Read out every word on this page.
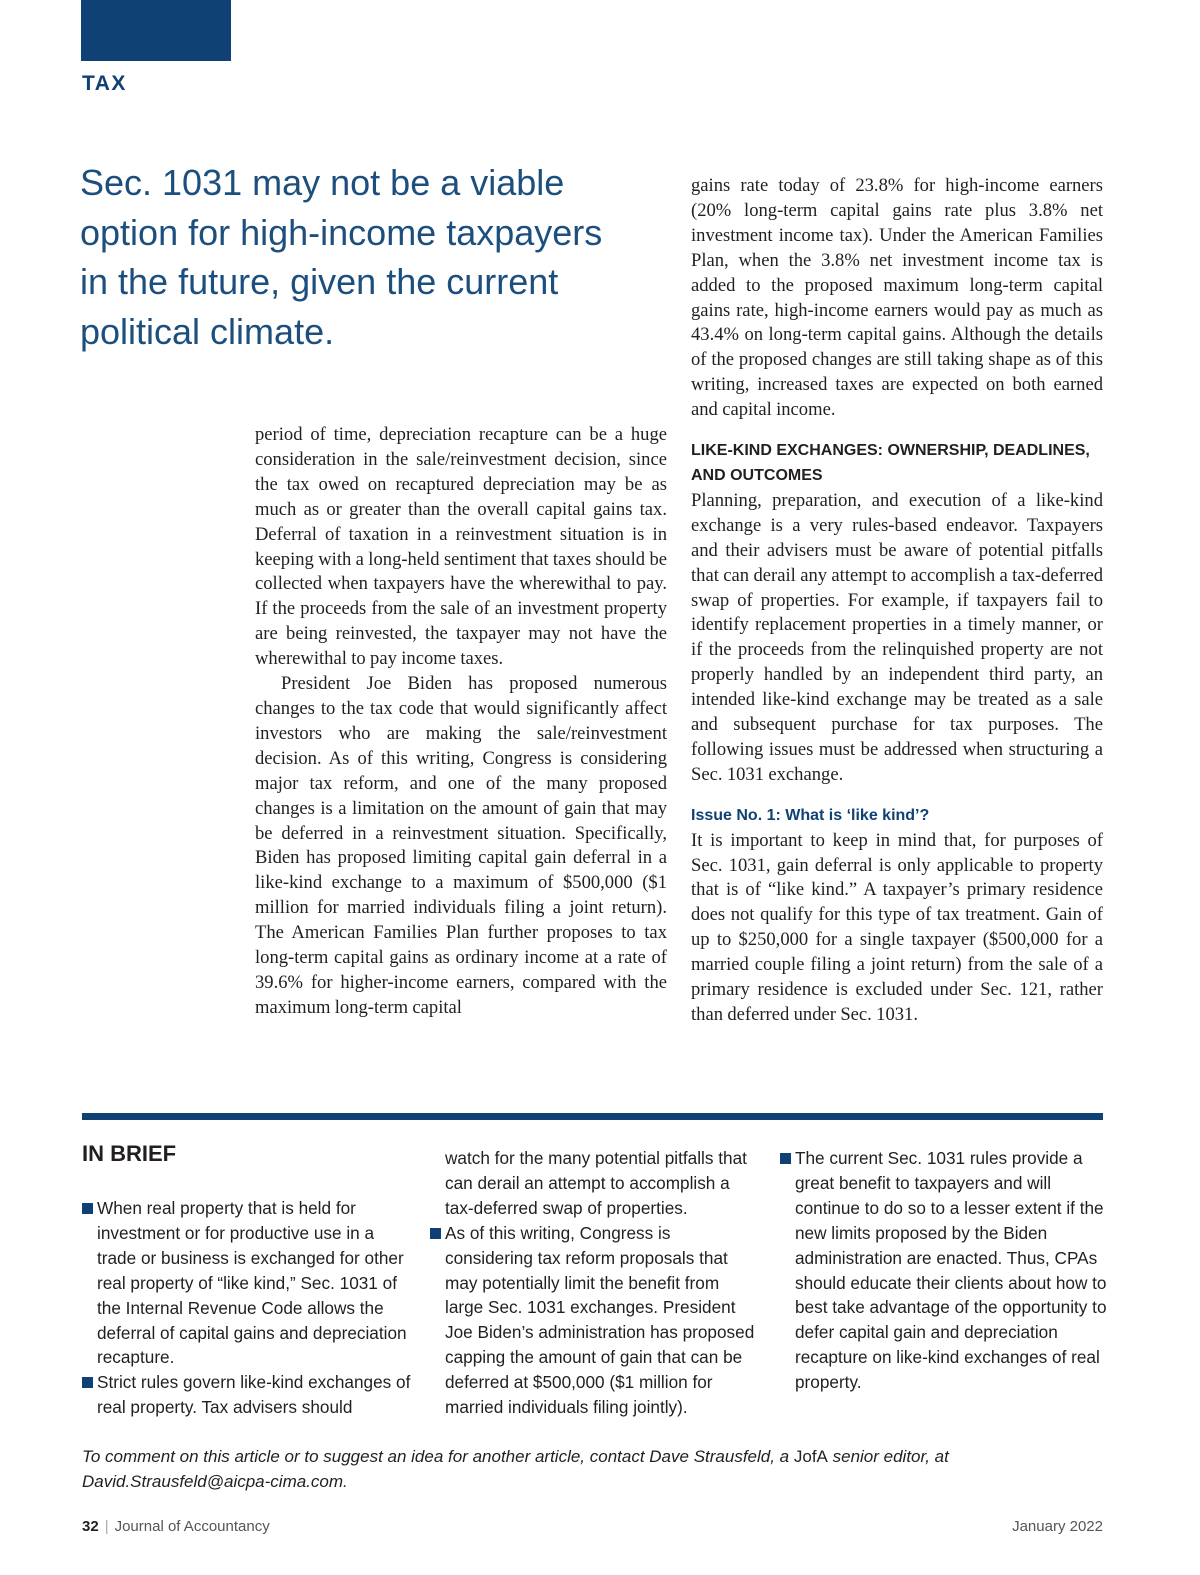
TAX
Sec. 1031 may not be a viable option for high-income taxpayers in the future, given the current political climate.

period of time, depreciation recapture can be a huge consideration in the sale/reinvestment decision, since the tax owed on recaptured depreciation may be as much as or greater than the overall capital gains tax. Deferral of taxation in a reinvestment situation is in keeping with a long-held sentiment that taxes should be collected when taxpayers have the wherewithal to pay. If the proceeds from the sale of an investment property are being reinvested, the taxpayer may not have the wherewithal to pay income taxes.

President Joe Biden has proposed numerous changes to the tax code that would significantly affect investors who are making the sale/reinvestment decision. As of this writing, Congress is considering major tax reform, and one of the many proposed changes is a limitation on the amount of gain that may be deferred in a reinvestment situation. Specifically, Biden has proposed limiting capital gain deferral in a like-kind exchange to a maximum of $500,000 ($1 million for married individuals filing a joint return). The American Families Plan further proposes to tax long-term capital gains as ordinary income at a rate of 39.6% for higher-income earners, compared with the maximum long-term capital

gains rate today of 23.8% for high-income earners (20% long-term capital gains rate plus 3.8% net investment income tax). Under the American Families Plan, when the 3.8% net investment income tax is added to the proposed maximum long-term capital gains rate, high-income earners would pay as much as 43.4% on long-term capital gains. Although the details of the proposed changes are still taking shape as of this writing, increased taxes are expected on both earned and capital income.

LIKE-KIND EXCHANGES: OWNERSHIP, DEADLINES, AND OUTCOMES

Planning, preparation, and execution of a like-kind exchange is a very rules-based endeavor. Taxpayers and their advisers must be aware of potential pitfalls that can derail any attempt to accomplish a tax-deferred swap of properties. For example, if taxpayers fail to identify replacement properties in a timely manner, or if the proceeds from the relinquished property are not properly handled by an independent third party, an intended like-kind exchange may be treated as a sale and subsequent purchase for tax purposes. The following issues must be addressed when structuring a Sec. 1031 exchange.

Issue No. 1: What is ‘like kind’?

It is important to keep in mind that, for purposes of Sec. 1031, gain deferral is only applicable to property that is of “like kind.” A taxpayer’s primary residence does not qualify for this type of tax treatment. Gain of up to $250,000 for a single taxpayer ($500,000 for a married couple filing a joint return) from the sale of a primary residence is excluded under Sec. 121, rather than deferred under Sec. 1031.

IN BRIEF

When real property that is held for investment or for productive use in a trade or business is exchanged for other real property of “like kind,” Sec. 1031 of the Internal Revenue Code allows the deferral of capital gains and depreciation recapture.

Strict rules govern like-kind exchanges of real property. Tax advisers should

watch for the many potential pitfalls that can derail an attempt to accomplish a tax-deferred swap of properties.

As of this writing, Congress is considering tax reform proposals that may potentially limit the benefit from large Sec. 1031 exchanges. President Joe Biden’s administration has proposed capping the amount of gain that can be deferred at $500,000 ($1 million for married individuals filing jointly).

The current Sec. 1031 rules provide a great benefit to taxpayers and will continue to do so to a lesser extent if the new limits proposed by the Biden administration are enacted. Thus, CPAs should educate their clients about how to best take advantage of the opportunity to defer capital gain and depreciation recapture on like-kind exchanges of real property.

To comment on this article or to suggest an idea for another article, contact Dave Strausfeld, a JofA senior editor, at
David.Strausfeld@aicpa-cima.com.

32 | Journal of Accountancy	January 2022
